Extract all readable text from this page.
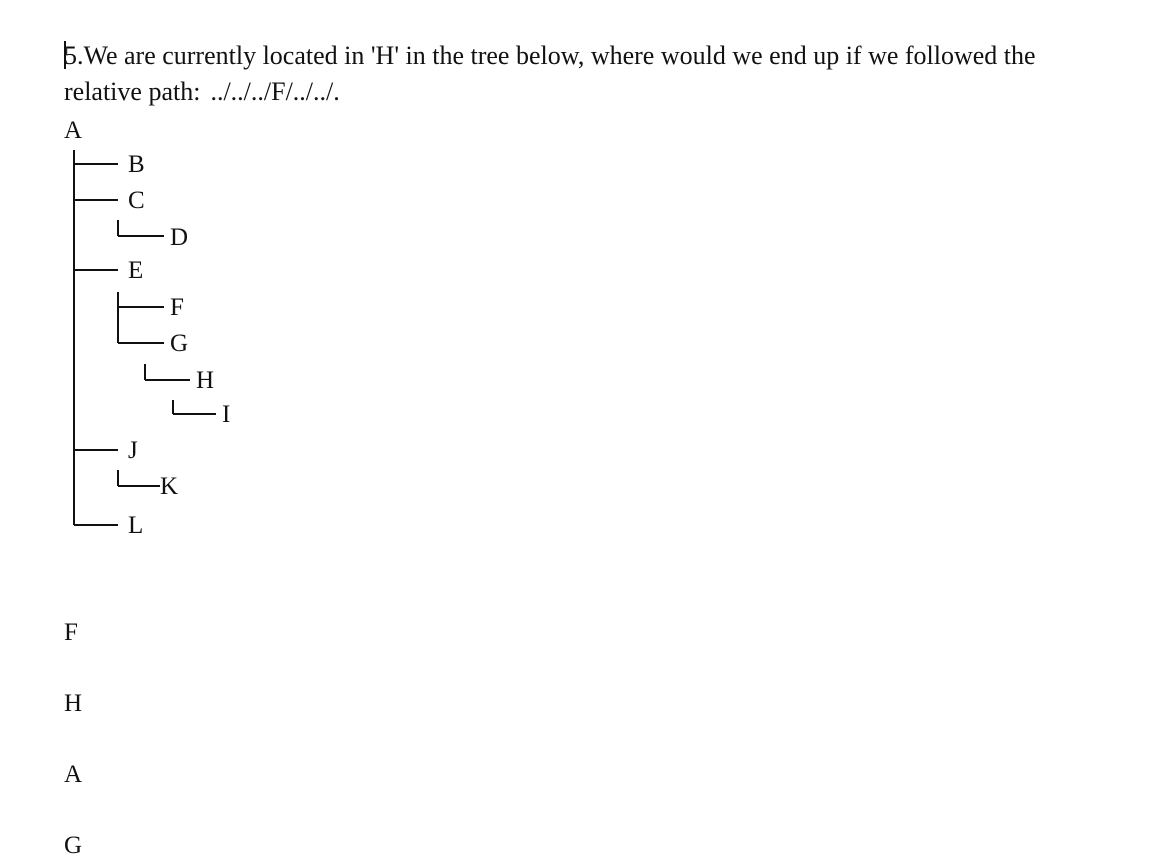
5.We are currently located in 'H' in the tree below, where would we end up if we followed the
relative path: ../../../F/../../.
A
B
C
D
E
F
G
H
I
J
K
L
F
H
A
G
